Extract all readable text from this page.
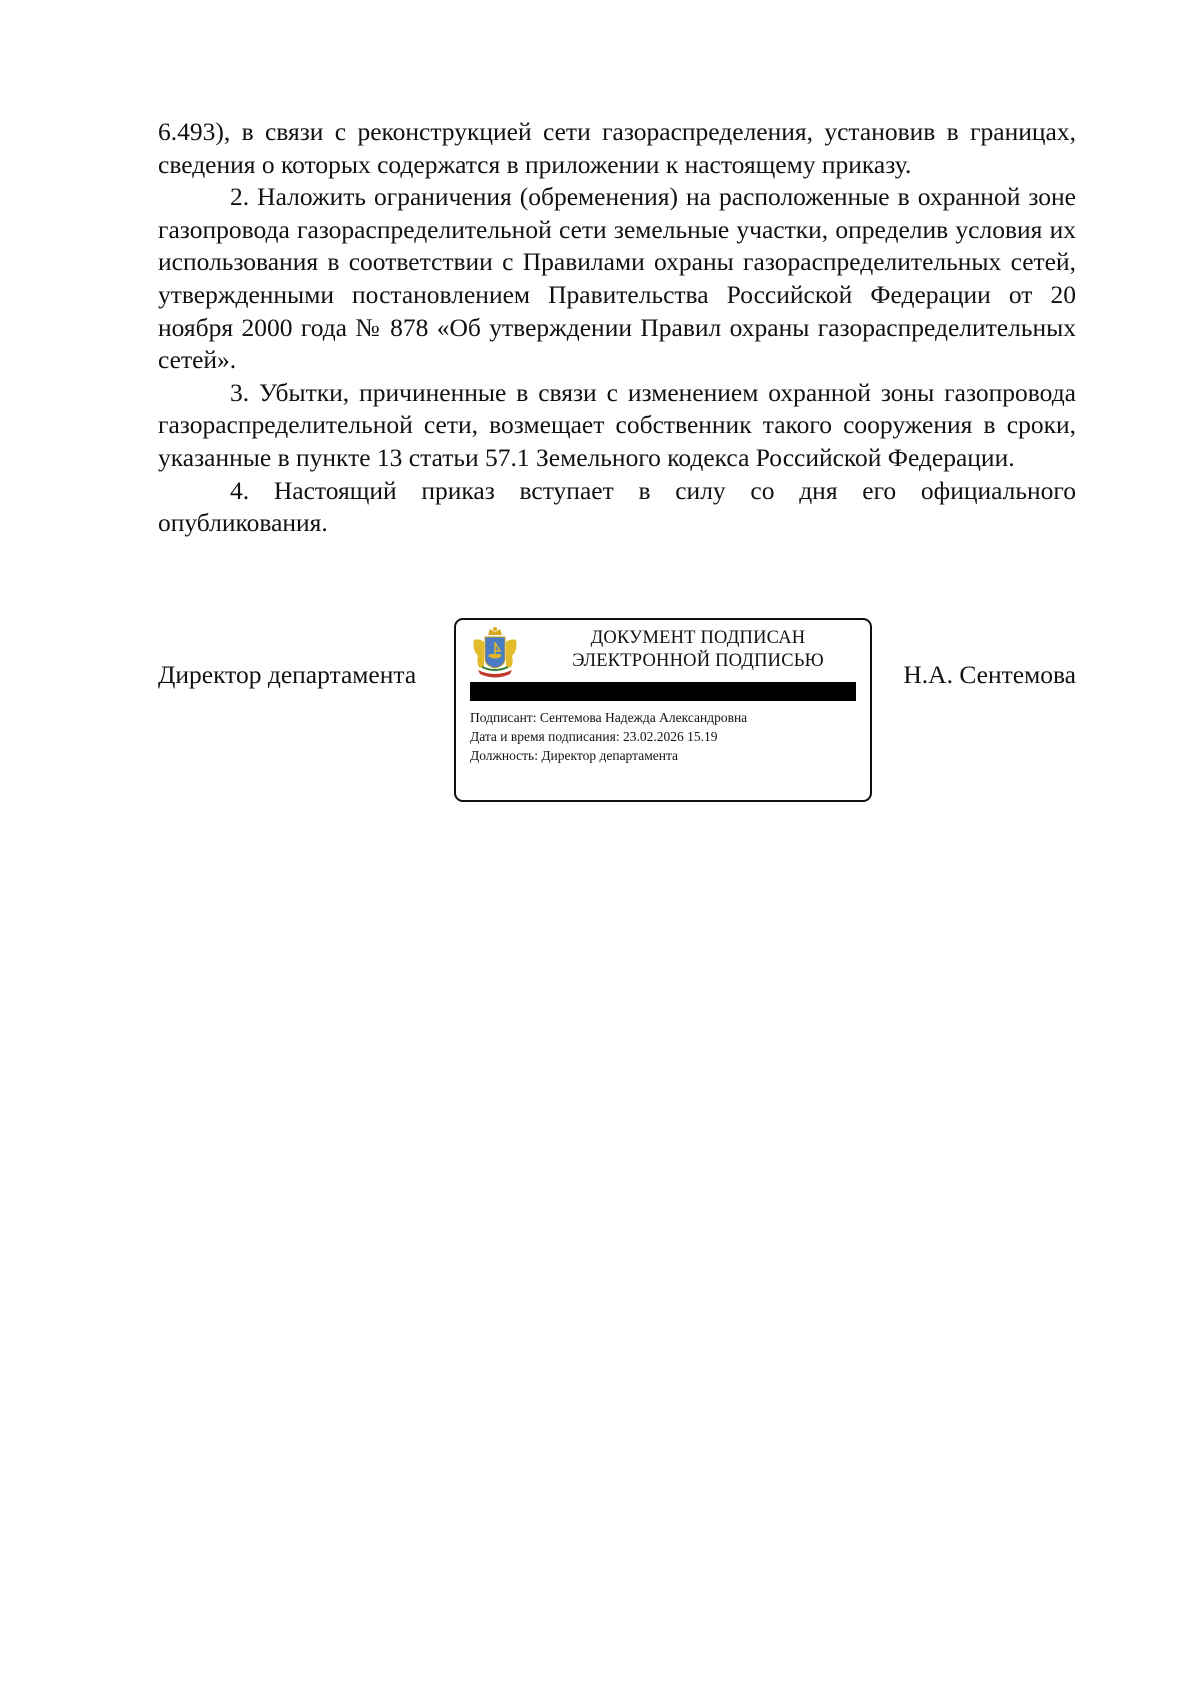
6.493), в связи с реконструкцией сети газораспределения, установив в границах, сведения о которых содержатся в приложении к настоящему приказу.

2. Наложить ограничения (обременения) на расположенные в охранной зоне газопровода газораспределительной сети земельные участки, определив условия их использования в соответствии с Правилами охраны газораспределительных сетей, утвержденными постановлением Правительства Российской Федерации от 20 ноября 2000 года № 878 «Об утверждении Правил охраны газораспределительных сетей».

3. Убытки, причиненные в связи с изменением охранной зоны газопровода газораспределительной сети, возмещает собственник такого сооружения в сроки, указанные в пункте 13 статьи 57.1 Земельного кодекса Российской Федерации.

4. Настоящий приказ вступает в силу со дня его официального опубликования.

Директор департамента
ДОКУМЕНТ ПОДПИСАН
ЭЛЕКТРОННОЙ ПОДПИСЬЮ
Подписант: Сентемова Надежда Александровна
Дата и время подписания: 23.02.2026 15.19
Должность: Директор департамента
Н.А. Сентемова
